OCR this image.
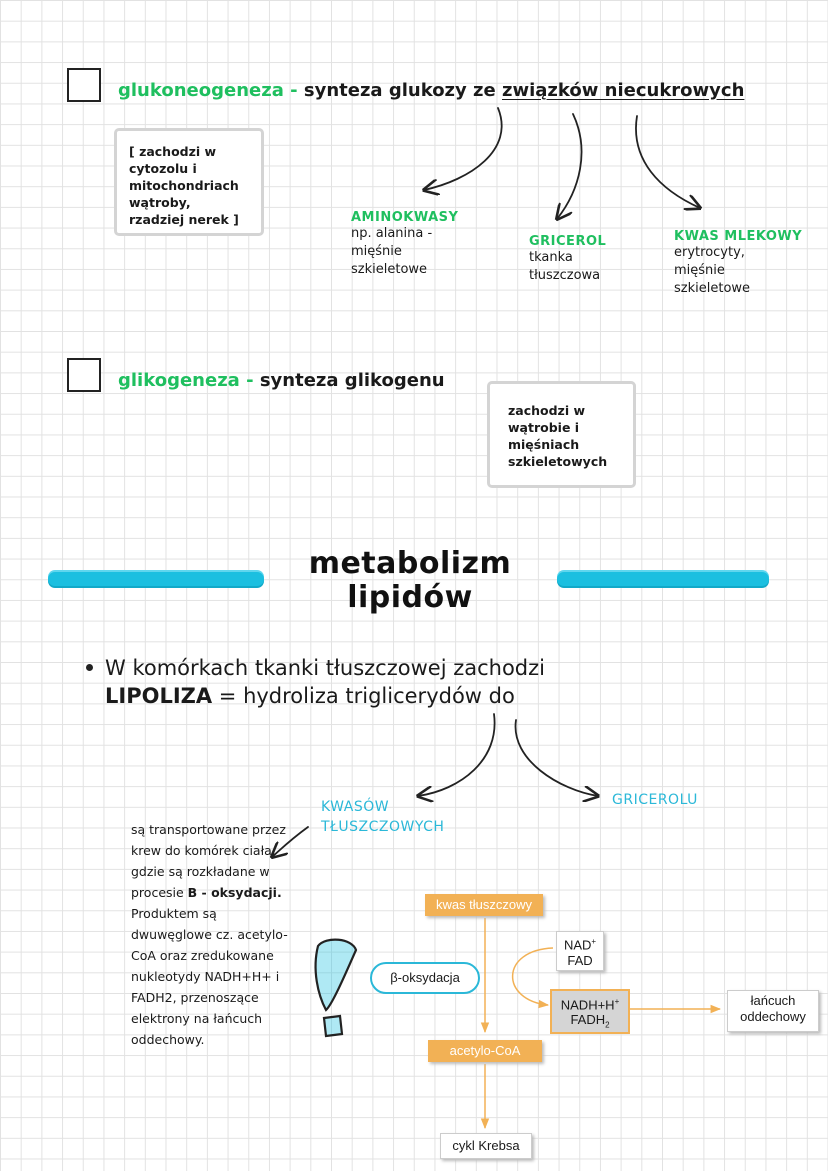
glukoneogeneza - synteza glukozy ze związków niecukrowych
[ zachodzi w cytozolu i mitochondriach wątroby, rzadziej nerek ]	AMINOKWASY
np. alanina - mięśnie szkieletowe
GRICEROL
tkanka tłuszczowa
KWAS MLEKOWY
erytrocyty, mięśnie szkieletowe
glikogeneza - synteza glikogenu
zachodzi w wątrobie i mięśniach szkieletowych
metabolizm
lipidów
W komórkach tkanki tłuszczowej zachodzi
LIPOLIZA = hydroliza triglicerydów do
KWASÓW
TŁUSZCZOWYCH
GRICEROLU
są transportowane przez krew do komórek ciała, gdzie są rozkładane w procesie B - oksydacji. Produktem są dwuwęglowe cz. acetylo-CoA oraz zredukowane nukleotydy NADH+H+ i FADH2, przenoszące elektrony na łańcuch oddechowy.
kwas tłuszczowy
β-oksydacja
NAD+
FAD
NADH+H+
$FADH_2$
acetylo-CoA
cykl Krebsa
łańcuch
oddechowy
